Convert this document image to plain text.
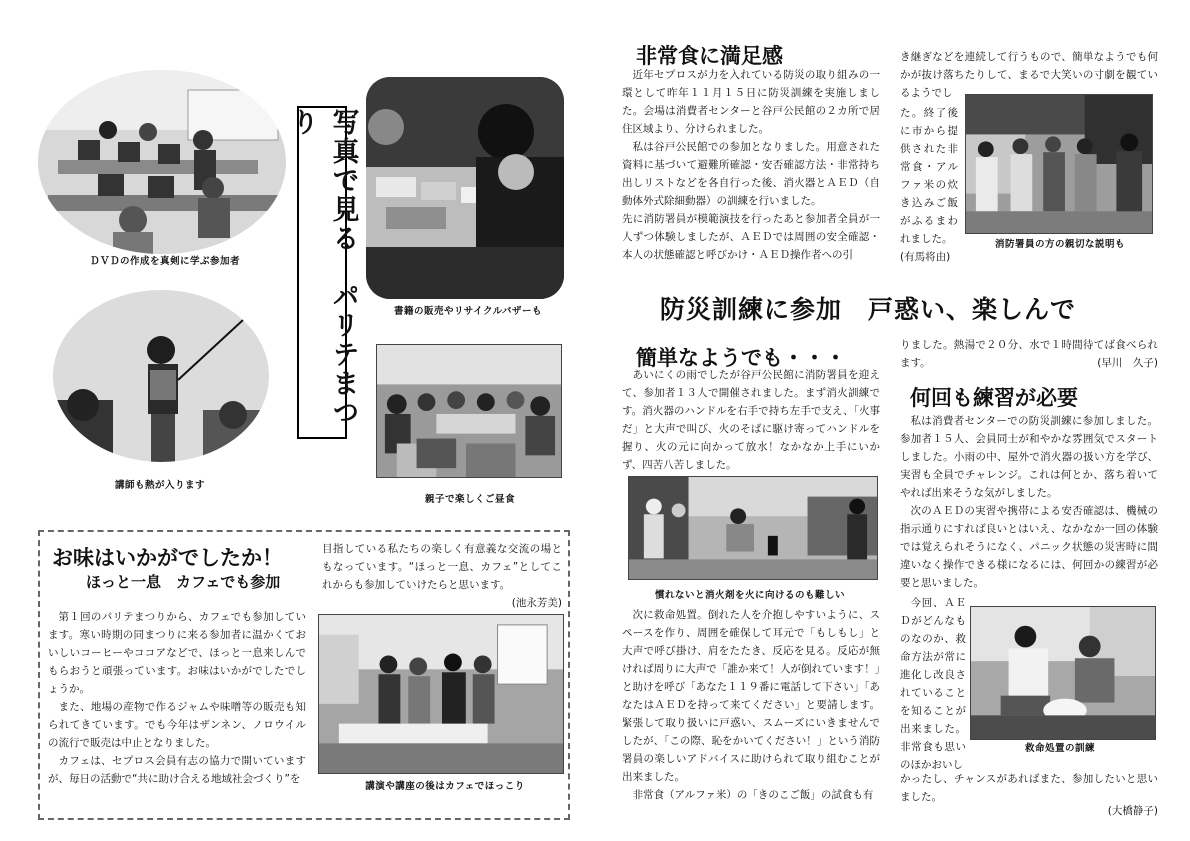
ＤＶＤの作成を真剣に学ぶ参加者
書籍の販売やリサイクルバザーも
写真で見る　パリテまつり
講師も熱が入ります
親子で楽しくご昼食
お味はいかがでしたか！
ほっと一息　カフェでも参加

第１回のパリテまつりから、カフェでも参加しています。寒い時期の同まつりに来る参加者に温かくておいしいコーヒーやココアなどで、ほっと一息来しんでもらおうと頑張っています。お味はいかがでしたでしょうか。

また、地場の産物で作るジャムや味噌等の販売も知られてきています。でも今年はザンネン、ノロウイルの流行で販売は中止となりました。

カフェは、セプロス会員有志の協力で開いていますが、毎日の活動で“共に助け合える地域社会づくり”を

目指している私たちの楽しく有意義な交流の場ともなっています。“ほっと一息、カフェ”としてこれからも参加していけたらと思います。

(池永芳美)

講演や講座の後はカフェでほっこり
非常食に満足感

近年セプロスが力を入れている防災の取り組みの一環として昨年１１月１５日に防災訓練を実施しました。会場は消費者センターと谷戸公民館の２カ所で居住区域より、分けられました。

私は谷戸公民館での参加となりました。用意された資料に基づいて避難所確認・安否確認方法・非常持ち出しリストなどを各自行った後、消火器とＡＥＤ（自動体外式除細動器）の訓練を行いました。

先に消防署員が模範演技を行ったあと参加者全員が一人ずつ体験しましたが、ＡＥＤでは周囲の安全確認・本人の状態確認と呼びかけ・ＡＥＤ操作者への引

き継ぎなどを連続して行うもので、簡単なようでも何かが抜け落ちたりして、まるで大笑いの寸劇を観ているようでし

た。終了後に市から提供された非常食・アルファ米の炊き込みご飯がふるまわれました。

(有馬将由)

消防署員の方の親切な説明も
防災訓練に参加　戸惑い、楽しんで
簡単なようでも・・・

あいにくの雨でしたが谷戸公民館に消防署員を迎えて、参加者１３人で開催されました。まず消火訓練です。消火器のハンドルを右手で持ち左手で支え、「火事だ」と大声で叫び、火のそばに駆け寄ってハンドルを握り、火の元に向かって放水！なかなか上手にいかず、四苦八苦しました。

慣れないと消火剤を火に向けるのも難しい

次に救命処置。倒れた人を介抱しやすいように、スペースを作り、周囲を確保して耳元で「もしもし」と大声で呼び掛け、肩をたたき、反応を見る。反応が無ければ周りに大声で「誰か来て！人が倒れています！」と助けを呼び「あなた１１９番に電話して下さい」「あなたはＡＥＤを持って来てください」と要請します。緊張して取り扱いに戸惑い、スムーズにいきませんでしたが、「この際、恥をかいてください！」という消防署員の楽しいアドバイスに助けられて取り組むことが出来ました。

非常食（アルファ米）の「きのこご飯」の試食も有

りました。熱湯で２０分、水で１時間待てば食べられます。	(早川　久子)

何回も練習が必要

私は消費者センターでの防災訓練に参加しました。参加者１５人、会員同士が和やかな雰囲気でスタートしました。小雨の中、屋外で消火器の扱い方を学び、実習も全員でチャレンジ。これは何とか、落ち着いてやれば出来そうな気がしました。

次のＡＥＤの実習や携帯による安否確認は、機械の指示通りにすれば良いとはいえ、なかなか一回の体験では覚えられそうになく、パニック状態の災害時に間違いなく操作できる様になるには、何回かの練習が必要と思いました。

今回、ＡＥＤがどんなものなのか、救命方法が常に進化し改良されていることを知ることが出来ました。非常食も思いのほかおいし

救命処置の訓練

かったし、チャンスがあればまた、参加したいと思いました。

(大橋静子)
